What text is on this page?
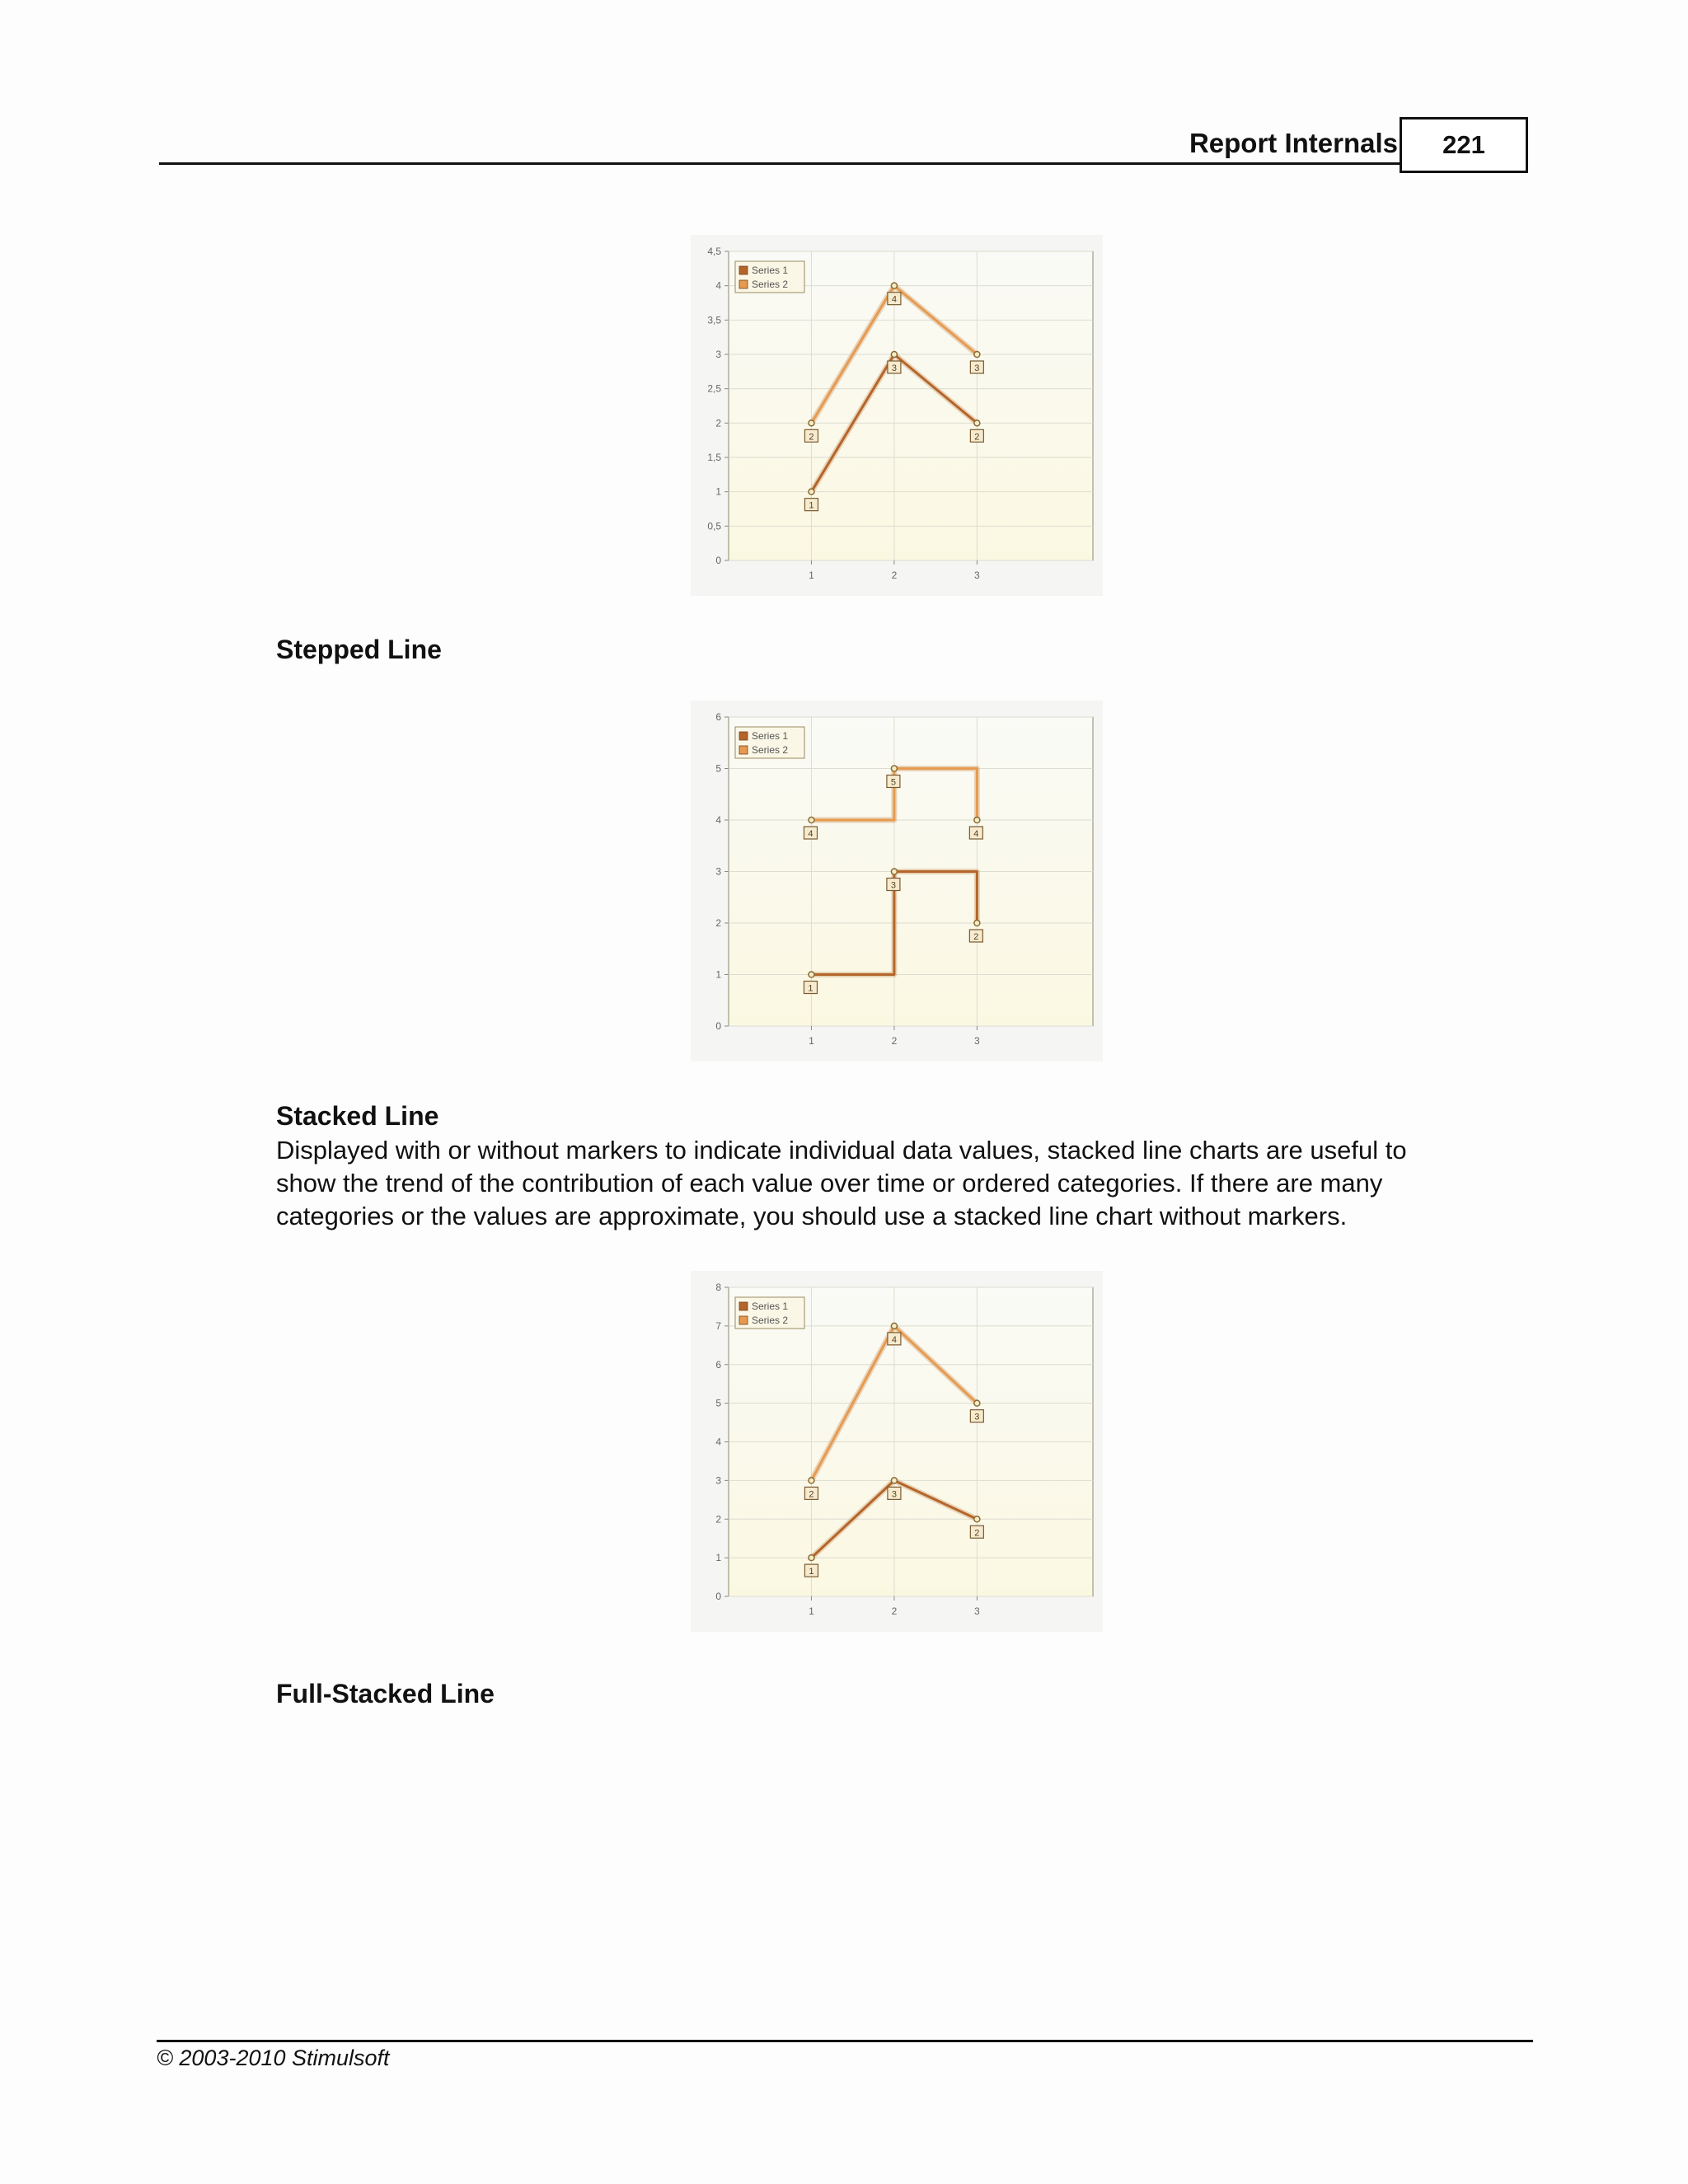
Report Internals 221
0
0,5
1
1,5
2
2,5
3
3,5
4
4,5
1	2	3
1
3
2
2
4
3
Series 1
Series 2
Stepped Line
0
1
2
3
4
5
6
1	2	3
1
3
2
4
5
4
Series 1
Series 2
Stacked Line

Displayed with or without markers to indicate individual data values, stacked line charts are useful to

show the trend of the contribution of each value over time or ordered categories. If there are many

categories or the values are approximate, you should use a stacked line chart without markers.

0
1
2
3
4
5
6
7
8
1	2	3
1
3
2
2
4
3
Series 1
Series 2
Full-Stacked Line
© 2003-2010 Stimulsoft
